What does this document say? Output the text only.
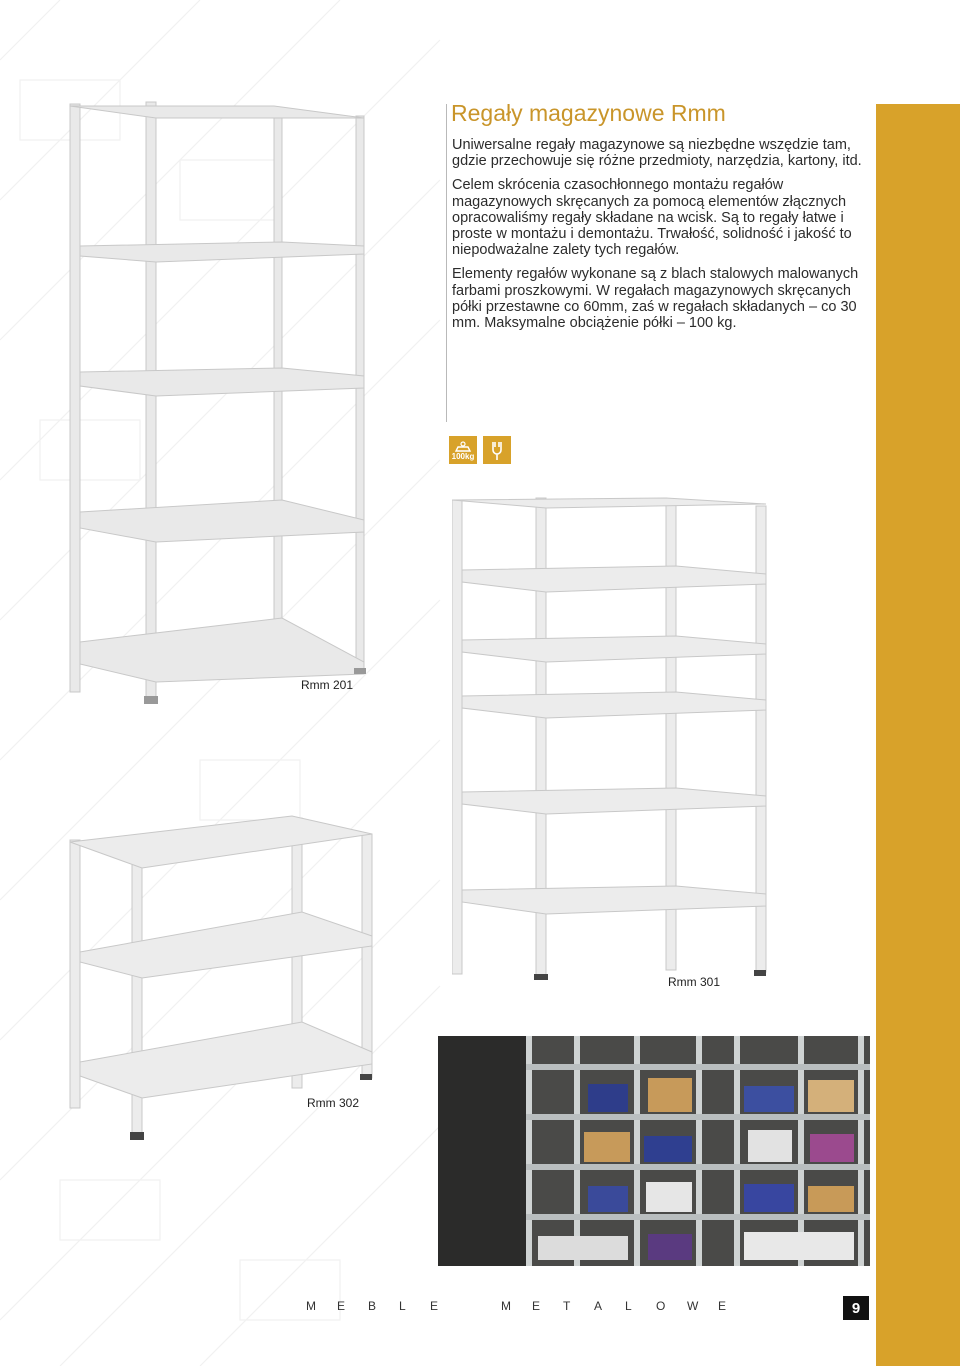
Regały magazynowe Rmm

Uniwersalne regały magazynowe są niezbędne wszędzie tam, gdzie przechowuje się różne przedmioty, narzędzia, kartony, itd.

Celem skrócenia czasochłonnego montażu regałów magazynowych skręcanych za pomocą elementów złącznych opracowaliśmy regały składane na wcisk. Są to regały łatwe i proste w montażu i demontażu. Trwałość, solidność i jakość to niepodważalne zalety tych regałów.

Elementy regałów wykonane są z blach stalowych malowanych farbami proszkowymi. W regałach magazynowych skręcanych półki przestawne co 60mm, zaś w regałach składanych – co 30 mm. Maksymalne obciążenie półki – 100 kg.

100kg
Rmm 201
Rmm 301
Rmm 302
M	E	B	L	E	M	E	T	A	L	O	W	E	9
